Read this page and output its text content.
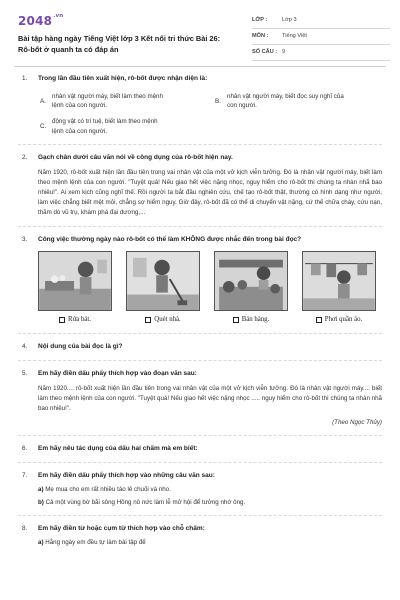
$2048^{.vn}$
Bài tập hàng ngày Tiếng Việt lớp 3 Kết nối tri thức Bài 26:
Rô-bốt ở quanh ta có đáp án
LỚP :	Lớp 3
MÔN :	Tiếng Việt
SỐ CÂU : 9
1. Trong lần đầu tiên xuất hiện, rô-bốt được nhận diện là:
A.
nhân vật người máy, biết làm theo mệnh
lệnh của con người.
B.
nhân vật người máy, biết đọc suy nghĩ của
con người.
C.
động vật có trí tuệ, biết làm theo mệnh
lệnh của con người.
2. Gạch chân dưới câu văn nói về công dụng của rô-bốt hiện nay.
Năm 1920, rô-bốt xuất hiện lần đầu tiên trong vai nhân vật của một vở kịch viễn tưởng. Đó là nhân vật người máy, biết làm theo mệnh lệnh của con người. "Tuyệt quá! Nếu giao hết việc nặng nhọc, nguy hiểm cho rô-bốt thì chúng ta nhàn nhã bao nhiêu!". Ai xem kịch cũng nghĩ thế. Rồi người ta bắt đầu nghiên cứu, chế tạo rô-bốt thật, thường có hình dạng như người, làm việc chẳng biết mệt mỏi, chẳng sợ hiểm nguy. Giờ đây, rô-bốt đã có thể di chuyển vật nặng, cứ thế chữa cháy, cứu nạn, thăm dò vũ trụ, khám phá đại dương,...
3. Công việc thường ngày nào rô-bốt có thể làm KHÔNG được nhắc đến trong bài đọc?
Rửa bát.	Quét nhà.	Bán hàng.	Phơi quần áo.
4. Nội dung của bài đọc là gì?
5. Em hãy điền dấu phẩy thích hợp vào đoạn văn sau:
Năm 1920.... rô-bốt xuất hiện lần đầu tiên trong vai nhân vật của một vở kịch viễn tưởng. Đó là nhân vật người máy.... biết làm theo mệnh lệnh của con người. "Tuyệt quá! Nếu giao hết việc nặng nhọc ..... nguy hiểm cho rô-bốt thì chúng ta nhàn nhã bao nhiêu!".
(Theo Ngọc Thủy)
6. Em hãy nêu tác dụng của dấu hai chấm mà em biết:
7. Em hãy điền dấu phẩy thích hợp vào những câu văn sau:
a) Mẹ mua cho em rất nhiều táo lê chuối và nho.
b) Cả một vùng bờ bãi sông Hồng nô nức làm lễ mở hội để tưởng nhớ ông.
8. Em hãy điền từ hoặc cụm từ thích hợp vào chỗ chấm:
a) Hằng ngày em đều tự làm bài tập để
